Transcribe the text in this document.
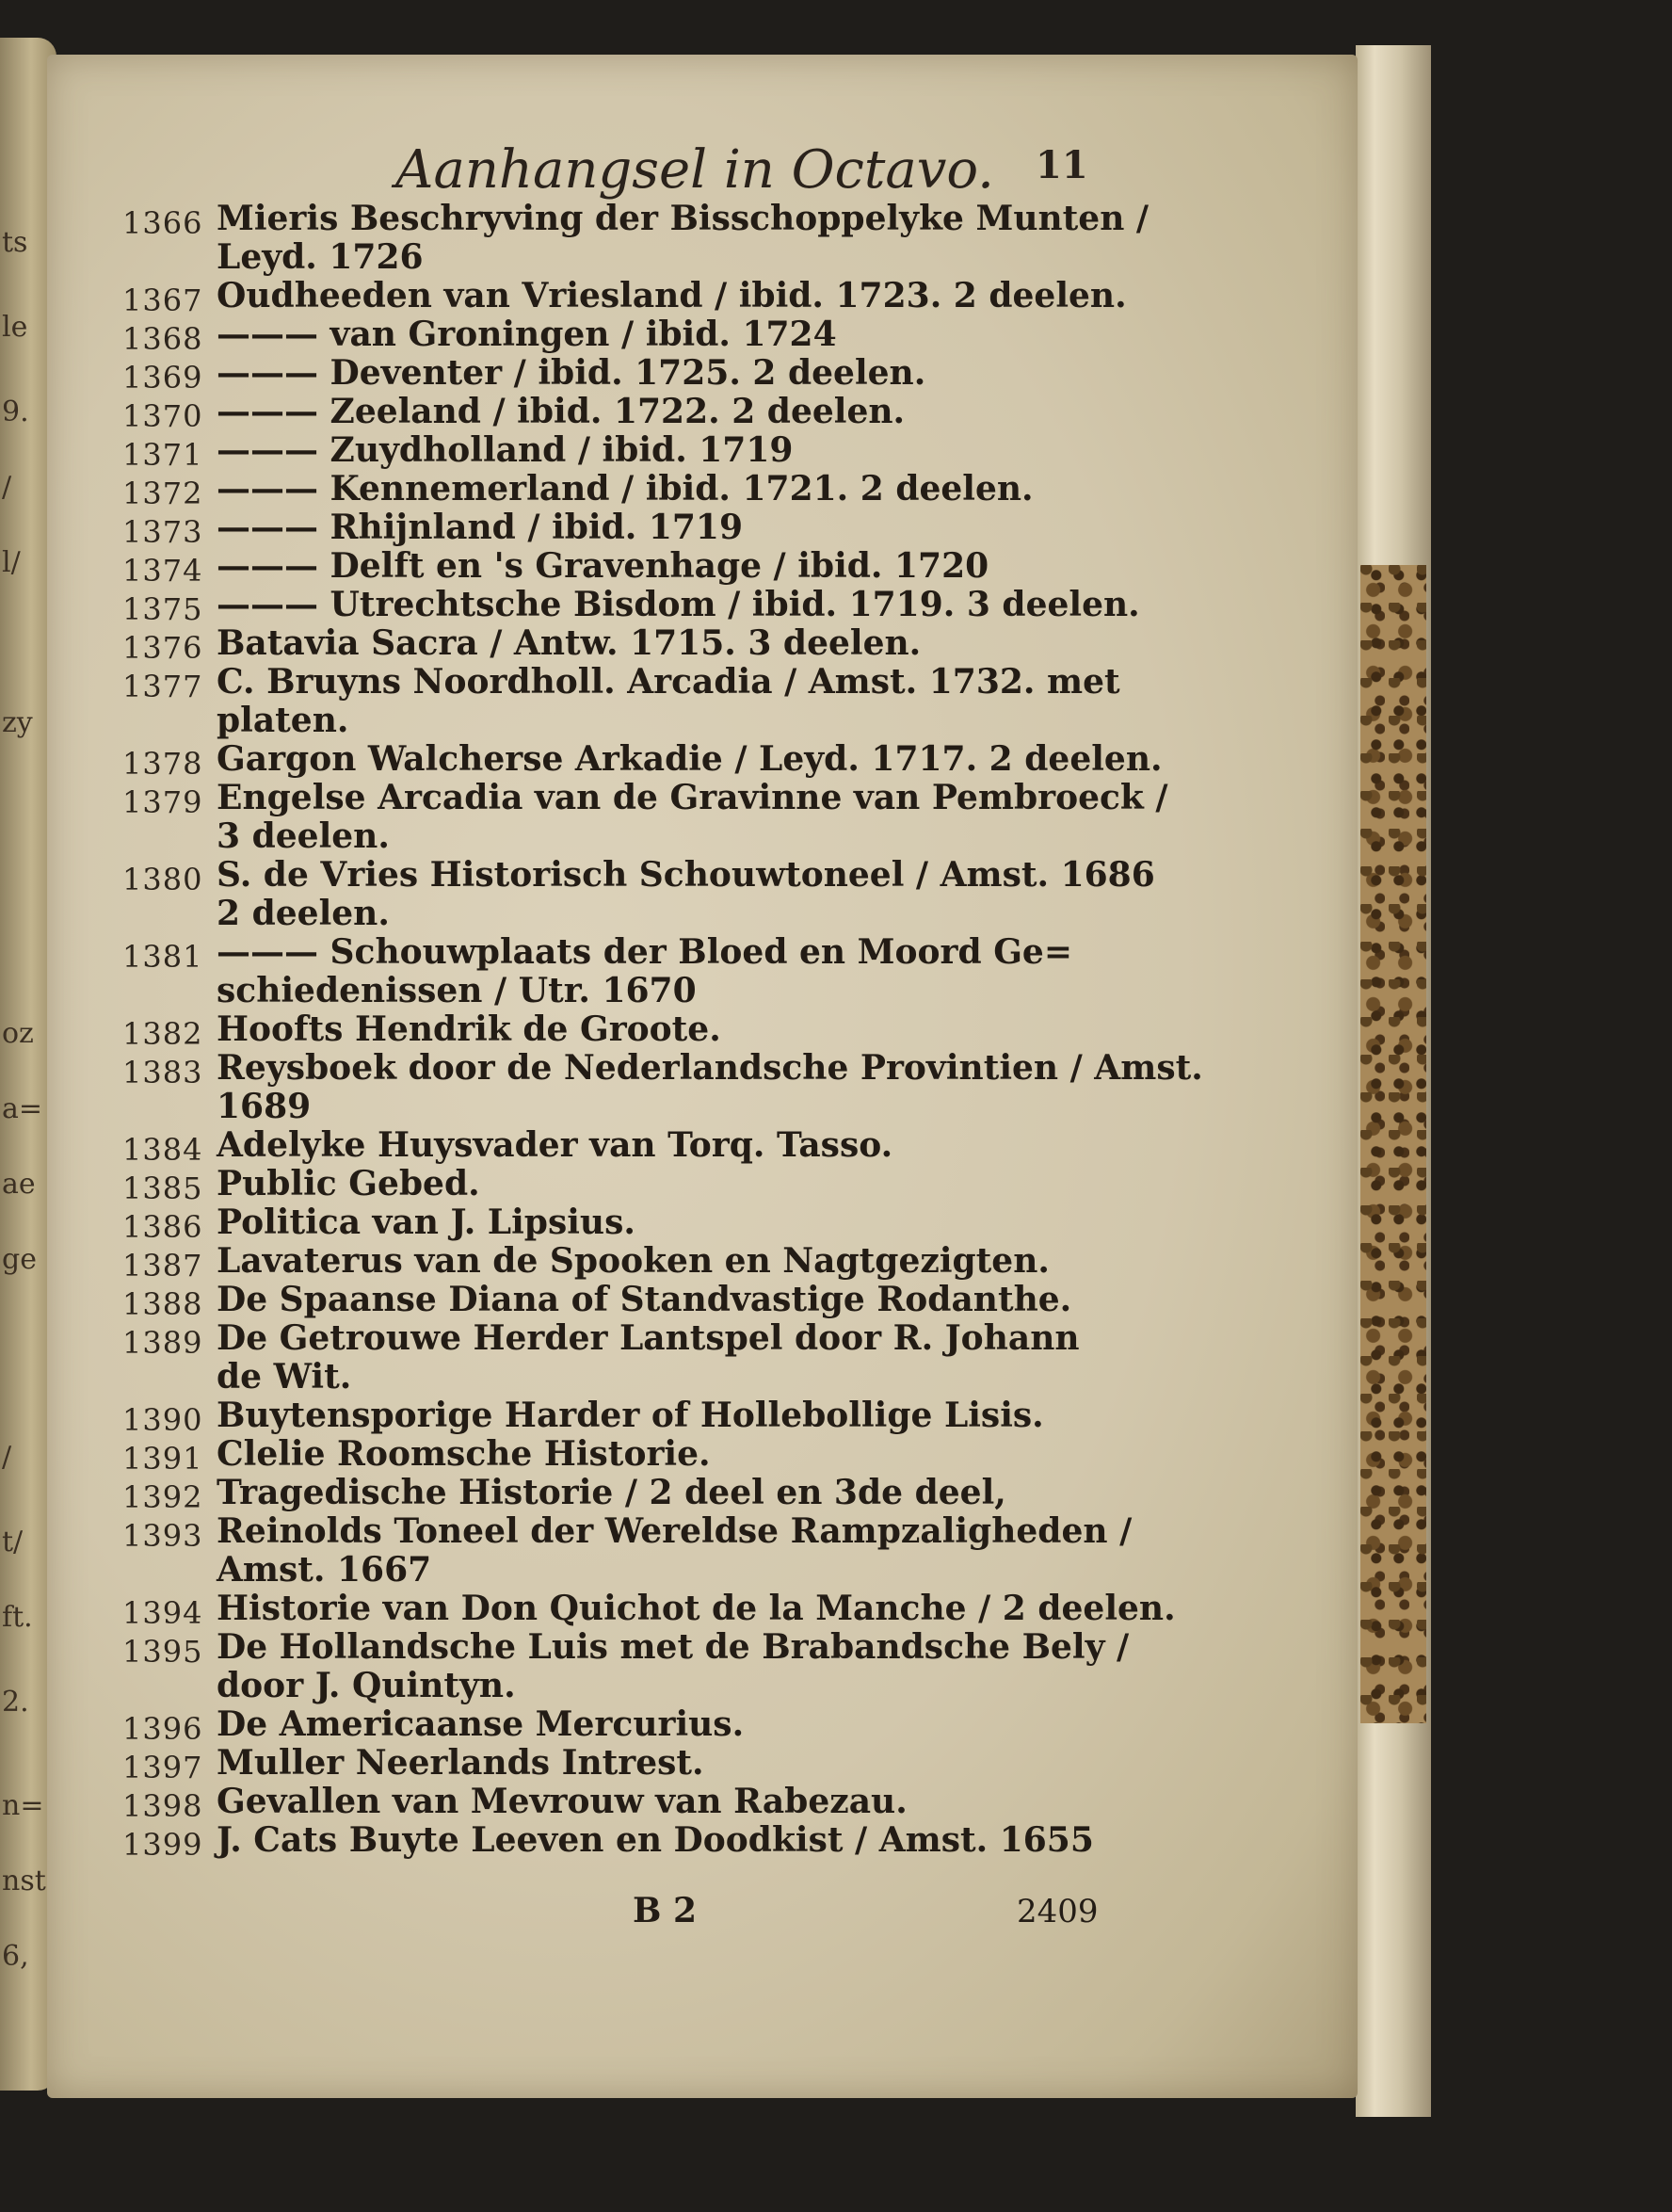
ts
le
9.
/
l/
zy
oz
a=
ae
ge
/
t/
ft.
2.
n=
nst
6,
Aanhangsel in Octavo. 11
1366 Mieris Beschryving der Bisschoppelyke Munten /
Leyd. 1726
1367 Oudheeden van Vriesland / ibid. 1723. 2 deelen.
1368 ——— van Groningen / ibid. 1724
1369 ——— Deventer / ibid. 1725. 2 deelen.
1370 ——— Zeeland / ibid. 1722. 2 deelen.
1371 ——— Zuydholland / ibid. 1719
1372 ——— Kennemerland / ibid. 1721. 2 deelen.
1373 ——— Rhijnland / ibid. 1719
1374 ——— Delft en 's Gravenhage / ibid. 1720
1375 ——— Utrechtsche Bisdom / ibid. 1719. 3 deelen.
1376 Batavia Sacra / Antw. 1715. 3 deelen.
1377 C. Bruyns Noordholl. Arcadia / Amst. 1732. met
platen.
1378 Gargon Walcherse Arkadie / Leyd. 1717. 2 deelen.
1379 Engelse Arcadia van de Gravinne van Pembroeck /
3 deelen.
1380 S. de Vries Historisch Schouwtoneel / Amst. 1686
2 deelen.
1381 ——— Schouwplaats der Bloed en Moord Ge=
schiedenissen / Utr. 1670
1382 Hoofts Hendrik de Groote.
1383 Reysboek door de Nederlandsche Provintien / Amst.
1689
1384 Adelyke Huysvader van Torq. Tasso.
1385 Public Gebed.
1386 Politica van J. Lipsius.
1387 Lavaterus van de Spooken en Nagtgezigten.
1388 De Spaanse Diana of Standvastige Rodanthe.
1389 De Getrouwe Herder Lantspel door R. Johann
de Wit.
1390 Buytensporige Harder of Hollebollige Lisis.
1391 Clelie Roomsche Historie.
1392 Tragedische Historie / 2 deel en 3de deel,
1393 Reinolds Toneel der Wereldse Rampzaligheden /
Amst. 1667
1394 Historie van Don Quichot de la Manche / 2 deelen.
1395 De Hollandsche Luis met de Brabandsche Bely /
door J. Quintyn.
1396 De Americaanse Mercurius.
1397 Muller Neerlands Intrest.
1398 Gevallen van Mevrouw van Rabezau.
1399 J. Cats Buyte Leeven en Doodkist / Amst. 1655
B 2	2409
